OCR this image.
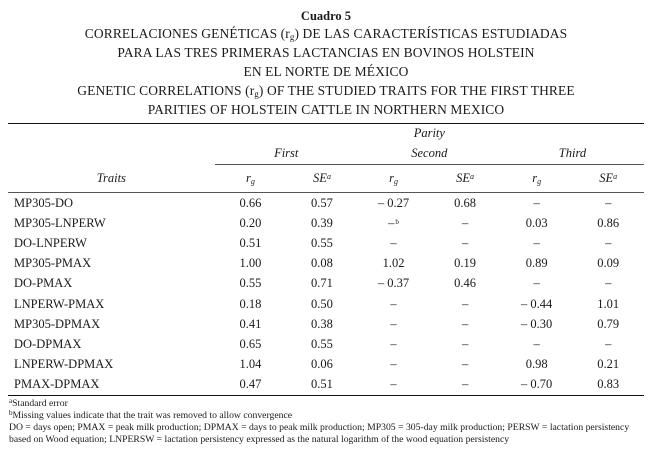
Cuadro 5
CORRELACIONES GENÉTICAS $(r_g)$ DE LAS CARACTERÍSTICAS ESTUDIADAS
PARA LAS TRES PRIMERAS LACTANCIAS EN BOVINOS HOLSTEIN
EN EL NORTE DE MÉXICO
GENETIC CORRELATIONS $(r_g)$ OF THE STUDIED TRAITS FOR THE FIRST THREE
PARITIES OF HOLSTEIN CATTLE IN NORTHERN MEXICO
	Parity					
	First		Second		Third	
Traits	$r_g$	$SE^a$	$r_g$	$SE^a$	$r_g$	$SE^a$
MP305-DO	0.66	0.57	– 0.27	0.68	–	–
MP305-LNPERW	0.20	0.39	–$^b$	–	0.03	0.86
DO-LNPERW	0.51	0.55	–	–	–	–
MP305-PMAX	1.00	0.08	1.02	0.19	0.89	0.09
DO-PMAX	0.55	0.71	– 0.37	0.46	–	–
LNPERW-PMAX	0.18	0.50	–	–	– 0.44	1.01
MP305-DPMAX	0.41	0.38	–	–	– 0.30	0.79
DO-DPMAX	0.65	0.55	–	–	–	–
LNPERW-DPMAX	1.04	0.06	–	–	0.98	0.21
PMAX-DPMAX	0.47	0.51	–	–	– 0.70	0.83
$^a$Standard error
$^b$Missing values indicate that the trait was removed to allow convergence
DO = days open; PMAX = peak milk production; DPMAX = days to peak milk production; MP305 = 305-day milk production; PERSW = lactation persistency based on Wood equation; LNPERSW = lactation persistency expressed as the natural logarithm of the wood equation persistency
